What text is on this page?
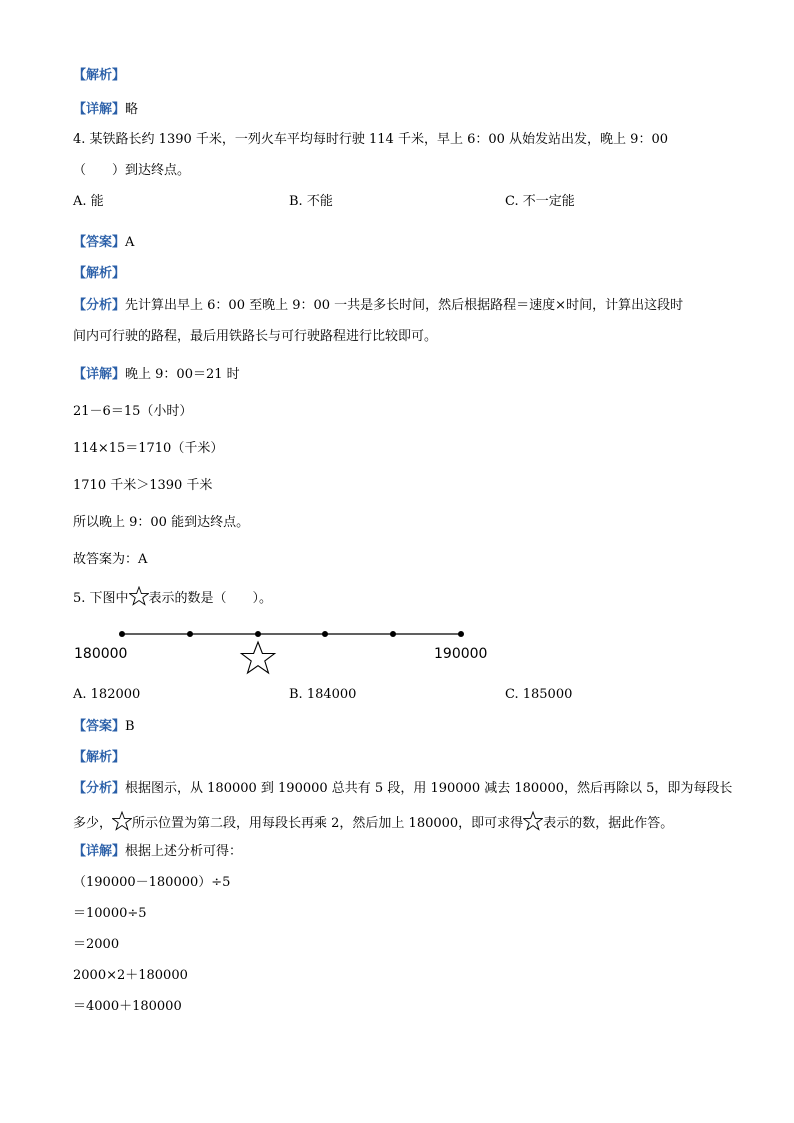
【解析】
【详解】略
4. 某铁路长约 1390 千米，一列火车平均每时行驶 114 千米，早上 6：00 从始发站出发，晚上 9：00
（　　）到达终点。
A. 能	B. 不能	C. 不一定能
【答案】A
【解析】
【分析】先计算出早上 6：00 至晚上 9：00 一共是多长时间，然后根据路程＝速度×时间，计算出这段时
间内可行驶的路程，最后用铁路长与可行驶路程进行比较即可。
【详解】晚上 9：00＝21 时
21－6＝15（小时）
114×15＝1710（千米）
1710 千米＞1390 千米
所以晚上 9：00 能到达终点。
故答案为：A
5. 下图中 表示的数是（　　）。
180000	190000
A. 182000	B. 184000	C. 185000
【答案】B
【解析】
【分析】根据图示，从 180000 到 190000 总共有 5 段，用 190000 减去 180000，然后再除以 5，即为每段长
多少， 所示位置为第二段，用每段长再乘 2，然后加上 180000，即可求得 表示的数，据此作答。
【详解】根据上述分析可得：
（190000－180000）÷5
＝10000÷5
＝2000
2000×2＋180000
＝4000＋180000
